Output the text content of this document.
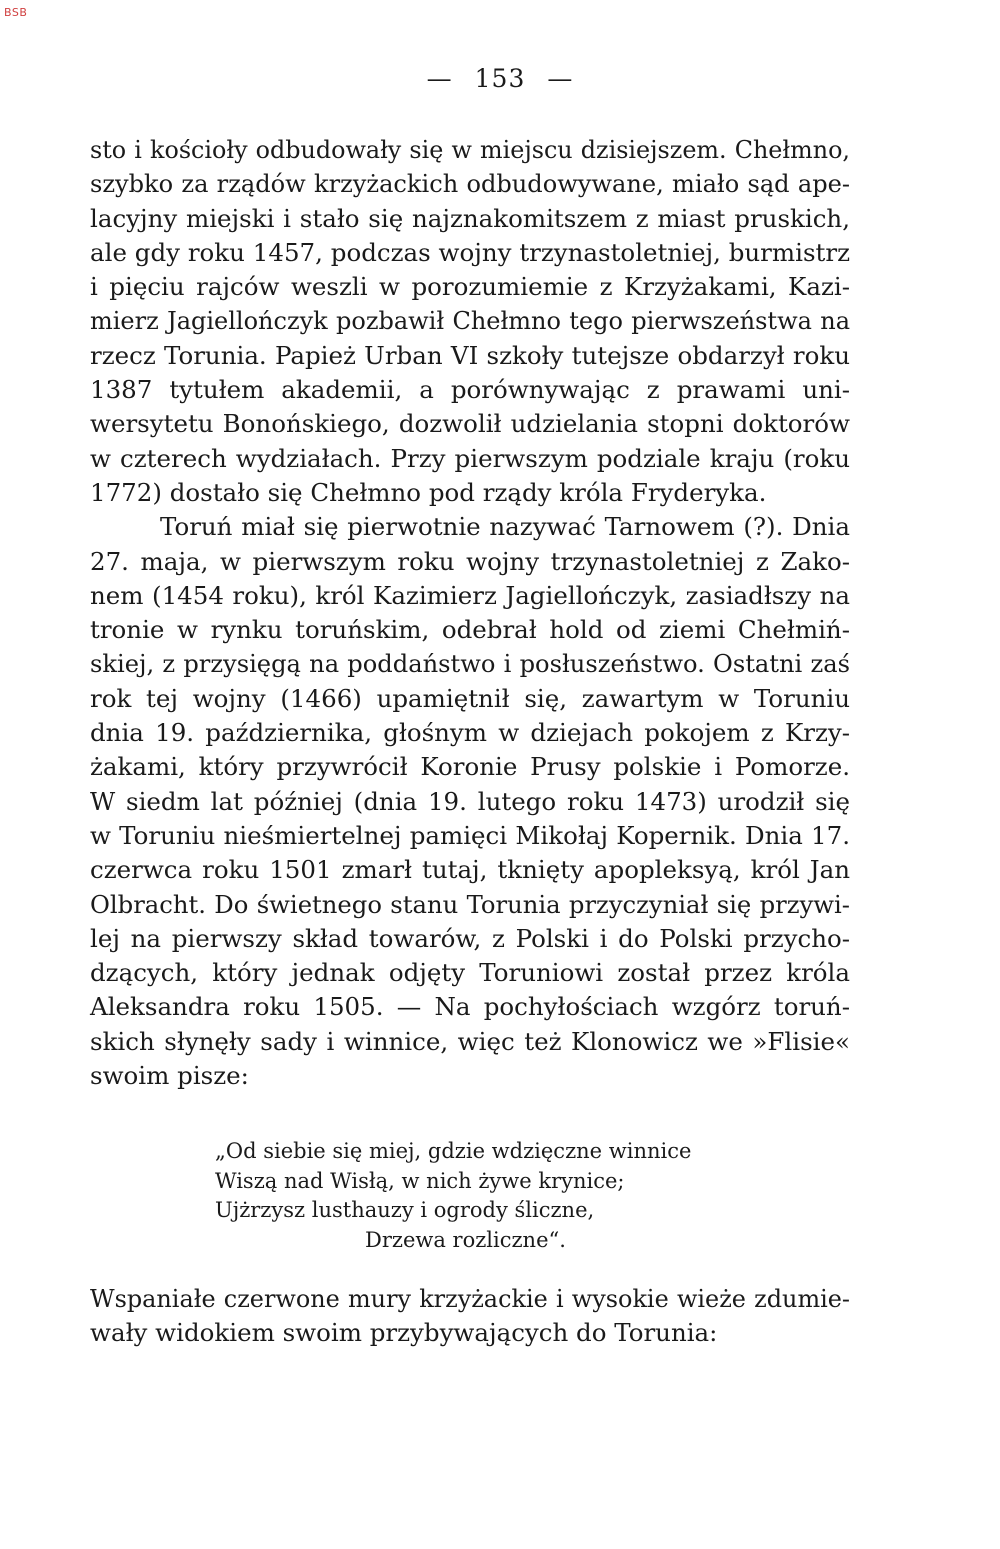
BSB
— 153 —
sto i kościoły odbudowały się w miejscu dzisiejszem. Chełmno,
szybko za rządów krzyżackich odbudowywane, miało sąd ape-
lacyjny miejski i stało się najznakomitszem z miast pruskich,
ale gdy roku 1457, podczas wojny trzynastoletniej, burmistrz
i pięciu rajców weszli w porozumiemie z Krzyżakami, Kazi-
mierz Jagiellończyk pozbawił Chełmno tego pierwszeństwa na
rzecz Torunia. Papież Urban VI szkoły tutejsze obdarzył roku
1387 tytułem akademii, a porównywając z prawami uni-
wersytetu Bonońskiego, dozwolił udzielania stopni doktorów
w czterech wydziałach. Przy pierwszym podziale kraju (roku
1772) dostało się Chełmno pod rządy króla Fryderyka.
Toruń miał się pierwotnie nazywać Tarnowem (?). Dnia
27. maja, w pierwszym roku wojny trzynastoletniej z Zako-
nem (1454 roku), król Kazimierz Jagiellończyk, zasiadłszy na
tronie w rynku toruńskim, odebrał hold od ziemi Chełmiń-
skiej, z przysięgą na poddaństwo i posłuszeństwo. Ostatni zaś
rok tej wojny (1466) upamiętnił się, zawartym w Toruniu
dnia 19. października, głośnym w dziejach pokojem z Krzy-
żakami, który przywrócił Koronie Prusy polskie i Pomorze.
W siedm lat później (dnia 19. lutego roku 1473) urodził się
w Toruniu nieśmiertelnej pamięci Mikołaj Kopernik. Dnia 17.
czerwca roku 1501 zmarł tutaj, tknięty apopleksyą, król Jan
Olbracht. Do świetnego stanu Torunia przyczyniał się przywi-
lej na pierwszy skład towarów, z Polski i do Polski przycho-
dzących, który jednak odjęty Toruniowi został przez króla
Aleksandra roku 1505. — Na pochyłościach wzgórz toruń-
skich słynęły sady i winnice, więc też Klonowicz we »Flisie«
swoim pisze:
„Od siebie się miej, gdzie wdzięczne winnice
Wiszą nad Wisłą, w nich żywe krynice;
Ujżrzysz lusthauzy i ogrody śliczne,
Drzewa rozliczne“.
Wspaniałe czerwone mury krzyżackie i wysokie wieże zdumie-
wały widokiem swoim przybywających do Torunia:
